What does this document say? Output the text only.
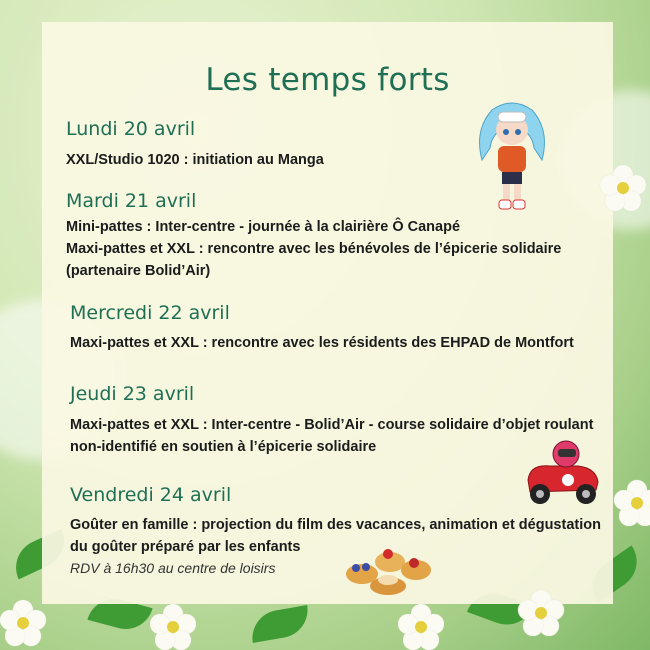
Les temps forts
Lundi 20 avril
XXL/Studio 1020 : initiation au Manga
Mardi 21 avril
Mini-pattes : Inter-centre - journée à la clairière Ô Canapé
Maxi-pattes et XXL : rencontre avec les bénévoles de l’épicerie solidaire
(partenaire Bolid’Air)
Mercredi 22 avril
Maxi-pattes et XXL : rencontre avec les résidents des EHPAD de Montfort
Jeudi 23 avril
Maxi-pattes et XXL : Inter-centre - Bolid’Air - course solidaire d’objet roulant
non-identifié en soutien à l’épicerie solidaire
Vendredi 24 avril
Goûter en famille : projection du film des vacances, animation et dégustation
du goûter préparé par les enfants
RDV à 16h30 au centre de loisirs
